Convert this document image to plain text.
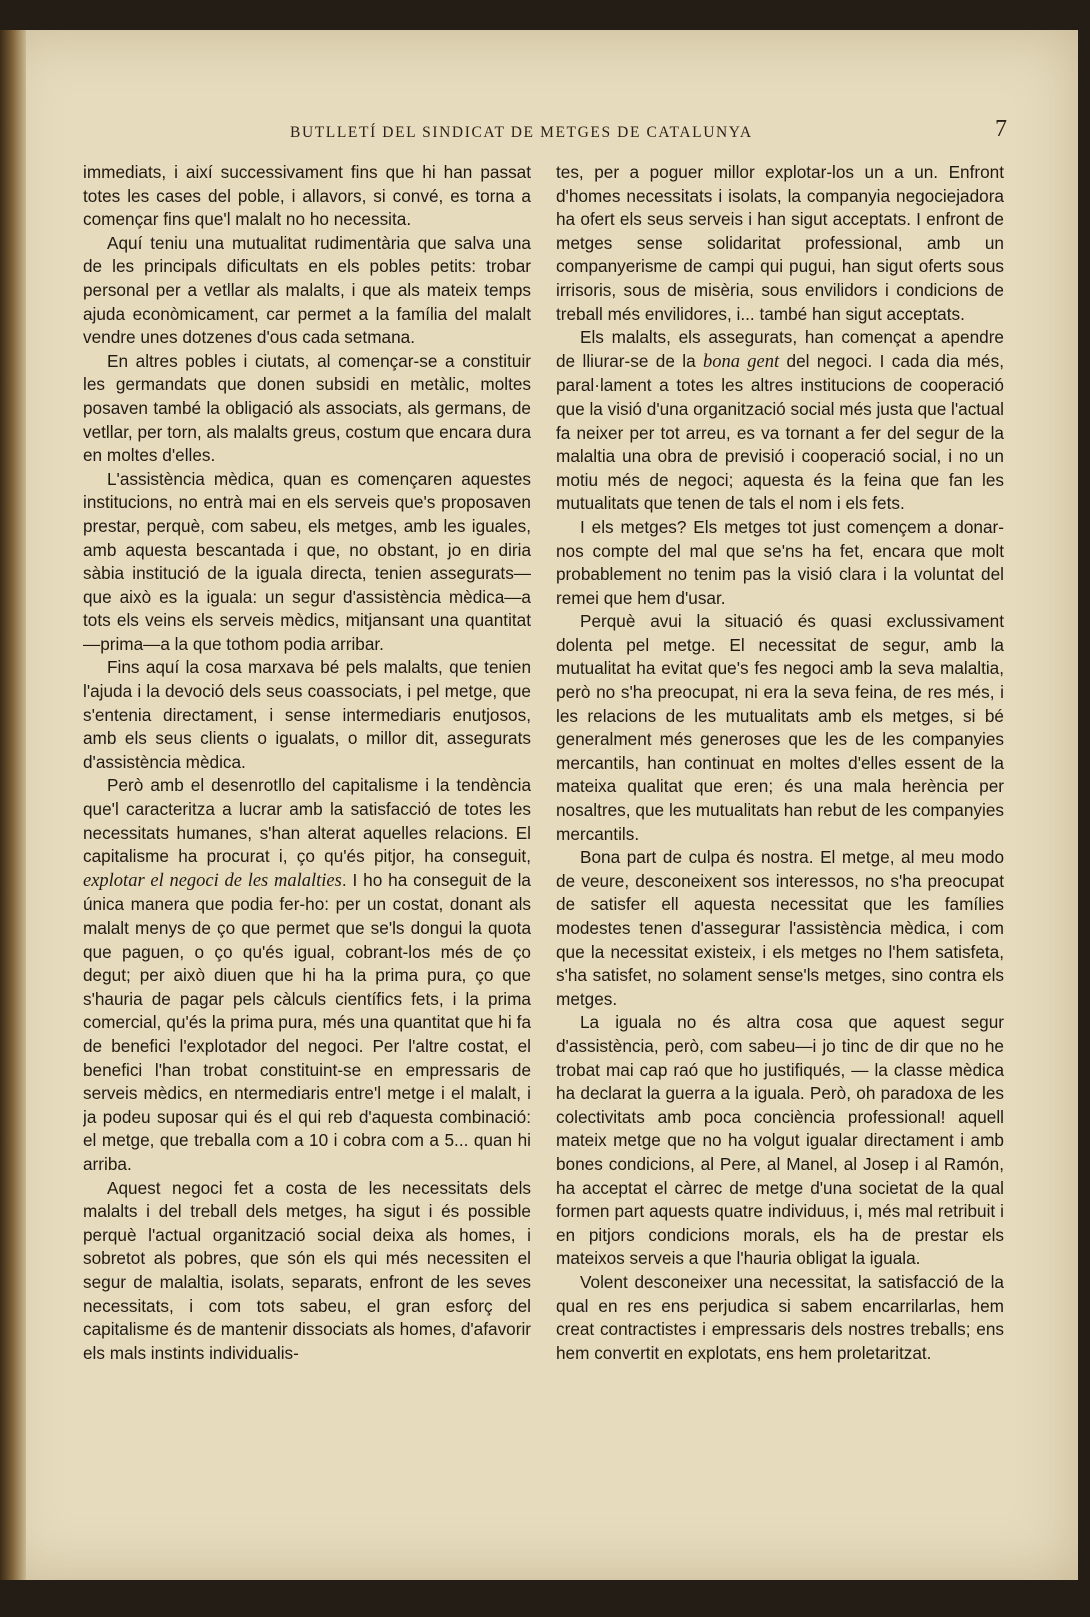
BUTLLETÍ DEL SINDICAT DE METGES DE CATALUNYA	7

immediats, i així successivament fins que hi han passat totes les cases del poble, i allavors, si convé, es torna a començar fins que'l malalt no ho necessita.

Aquí teniu una mutualitat rudimentària que salva una de les principals dificultats en els pobles petits: trobar personal per a vetllar als malalts, i que als mateix temps ajuda econòmicament, car permet a la família del malalt vendre unes dotzenes d'ous cada setmana.

En altres pobles i ciutats, al començar-se a constituir les germandats que donen subsidi en metàlic, moltes posaven també la obligació als associats, als germans, de vetllar, per torn, als malalts greus, costum que encara dura en moltes d'elles.

L'assistència mèdica, quan es començaren aquestes institucions, no entrà mai en els serveis que's proposaven prestar, perquè, com sabeu, els metges, amb les iguales, amb aquesta bescantada i que, no obstant, jo en diria sàbia institució de la iguala directa, tenien assegurats—que això es la iguala: un segur d'assistència mèdica—a tots els veins els serveis mèdics, mitjansant una quantitat—prima—a la que tothom podia arribar.

Fins aquí la cosa marxava bé pels malalts, que tenien l'ajuda i la devoció dels seus coassociats, i pel metge, que s'entenia directament, i sense intermediaris enutjosos, amb els seus clients o igualats, o millor dit, assegurats d'assistència mèdica.

Però amb el desenrotllo del capitalisme i la tendència que'l caracteritza a lucrar amb la satisfacció de totes les necessitats humanes, s'han alterat aquelles relacions. El capitalisme ha procurat i, ço qu'és pitjor, ha conseguit, explotar el negoci de les malalties. I ho ha conseguit de la única manera que podia fer-ho: per un costat, donant als malalt menys de ço que permet que se'ls dongui la quota que paguen, o ço qu'és igual, cobrant-los més de ço degut; per això diuen que hi ha la prima pura, ço que s'hauria de pagar pels càlculs científics fets, i la prima comercial, qu'és la prima pura, més una quantitat que hi fa de benefici l'explotador del negoci. Per l'altre costat, el benefici l'han trobat constituint-se en empressaris de serveis mèdics, en ntermediaris entre'l metge i el malalt, i ja podeu suposar qui és el qui reb d'aquesta combinació: el metge, que treballa com a 10 i cobra com a 5... quan hi arriba.

Aquest negoci fet a costa de les necessitats dels malalts i del treball dels metges, ha sigut i és possible perquè l'actual organització social deixa als homes, i sobretot als pobres, que són els qui més necessiten el segur de malaltia, isolats, separats, enfront de les seves necessitats, i com tots sabeu, el gran esforç del capitalisme és de mantenir dissociats als homes, d'afavorir els mals instints individualis-

tes, per a poguer millor explotar-los un a un. Enfront d'homes necessitats i isolats, la companyia negociejadora ha ofert els seus serveis i han sigut acceptats. I enfront de metges sense solidaritat professional, amb un companyerisme de campi qui pugui, han sigut oferts sous irrisoris, sous de misèria, sous envilidors i condicions de treball més envilidores, i... també han sigut acceptats.

Els malalts, els assegurats, han començat a apendre de lliurar-se de la bona gent del negoci. I cada dia més, paral·lament a totes les altres institucions de cooperació que la visió d'una organització social més justa que l'actual fa neixer per tot arreu, es va tornant a fer del segur de la malaltia una obra de previsió i cooperació social, i no un motiu més de negoci; aquesta és la feina que fan les mutualitats que tenen de tals el nom i els fets.

I els metges? Els metges tot just començem a donar-nos compte del mal que se'ns ha fet, encara que molt probablement no tenim pas la visió clara i la voluntat del remei que hem d'usar.

Perquè avui la situació és quasi exclussivament dolenta pel metge. El necessitat de segur, amb la mutualitat ha evitat que's fes negoci amb la seva malaltia, però no s'ha preocupat, ni era la seva feina, de res més, i les relacions de les mutualitats amb els metges, si bé generalment més generoses que les de les companyies mercantils, han continuat en moltes d'elles essent de la mateixa qualitat que eren; és una mala herència per nosaltres, que les mutualitats han rebut de les companyies mercantils.

Bona part de culpa és nostra. El metge, al meu modo de veure, desconeixent sos interessos, no s'ha preocupat de satisfer ell aquesta necessitat que les famílies modestes tenen d'assegurar l'assistència mèdica, i com que la necessitat existeix, i els metges no l'hem satisfeta, s'ha satisfet, no solament sense'ls metges, sino contra els metges.

La iguala no és altra cosa que aquest segur d'assistència, però, com sabeu—i jo tinc de dir que no he trobat mai cap raó que ho justifiqués, — la classe mèdica ha declarat la guerra a la iguala. Però, oh paradoxa de les colectivitats amb poca conciència professional! aquell mateix metge que no ha volgut igualar directament i amb bones condicions, al Pere, al Manel, al Josep i al Ramón, ha acceptat el càrrec de metge d'una societat de la qual formen part aquests quatre individuus, i, més mal retribuit i en pitjors condicions morals, els ha de prestar els mateixos serveis a que l'hauria obligat la iguala.

Volent desconeixer una necessitat, la satisfacció de la qual en res ens perjudica si sabem encarrilarlas, hem creat contractistes i empressaris dels nostres treballs; ens hem convertit en explotats, ens hem proletaritzat.
